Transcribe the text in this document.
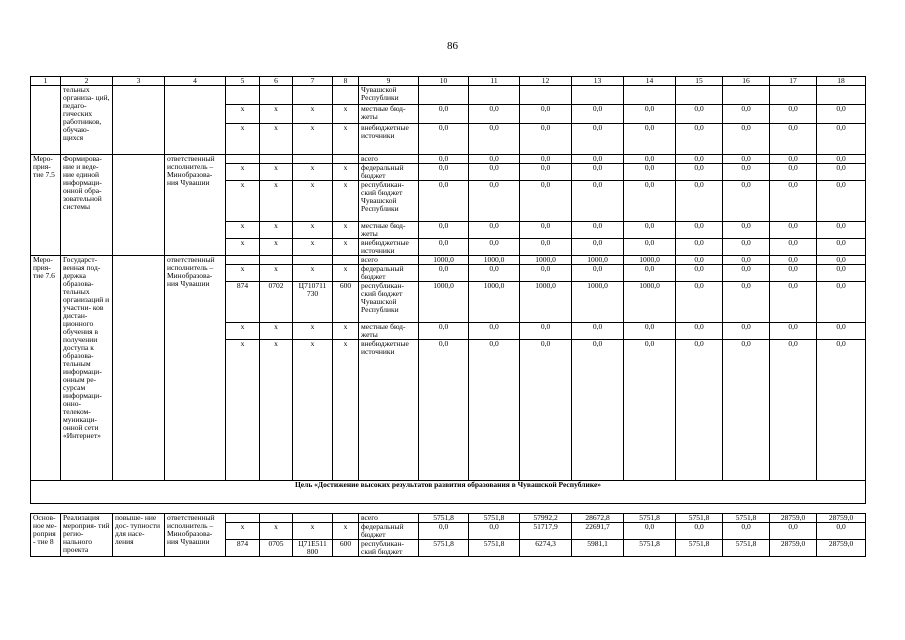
86
1	2	3	4	5	6	7	8	9	10	11	12	13	14	15	16	17	18
	тельных организа- ций, педаго- гических работников, обучаю- щихся							Чувашской Республики									
				х	х	х	х	местные бюд- жеты	0,0	0,0	0,0	0,0	0,0	0,0	0,0	0,0	0,0
				х	х	х	х	внебюджетные источники	0,0	0,0	0,0	0,0	0,0	0,0	0,0	0,0	0,0
Меро- прия- тие 7.5	Формирова- ние и веде- ние единой информаци- онной обра- зовательной системы		ответственный исполнитель – Минобразова- ния Чувашии					всего	0,0	0,0	0,0	0,0	0,0	0,0	0,0	0,0	0,0
				х	х	х	х	федеральный бюджет	0,0	0,0	0,0	0,0	0,0	0,0	0,0	0,0	0,0
				х	х	х	х	республикан- ский бюджет Чувашской Республики	0,0	0,0	0,0	0,0	0,0	0,0	0,0	0,0	0,0
				х	х	х	х	местные бюд- жеты	0,0	0,0	0,0	0,0	0,0	0,0	0,0	0,0	0,0
				х	х	х	х	внебюджетные источники	0,0	0,0	0,0	0,0	0,0	0,0	0,0	0,0	0,0
Меро- прия- тие 7.6	Государст- венная под- держка образова- тельных организаций и участни- ков дистан- ционного обучения в получении доступа к образова- тельным информаци- онным ре- сурсам информаци- онно- телеком- муникаци- онной сети «Интернет»		ответственный исполнитель – Минобразова- ния Чувашии					всего	1000,0	1000,0	1000,0	1000,0	1000,0	0,0	0,0	0,0	0,0
				х	х	х	х	федеральный бюджет	0,0	0,0	0,0	0,0	0,0	0,0	0,0	0,0	0,0
				874	0702	Ц710711 730	600	республикан- ский бюджет Чувашской Республики	1000,0	1000,0	1000,0	1000,0	1000,0	0,0	0,0	0,0	0,0
				х	х	х	х	местные бюд- жеты	0,0	0,0	0,0	0,0	0,0	0,0	0,0	0,0	0,0
				х	х	х	х	внебюджетные источники	0,0	0,0	0,0	0,0	0,0	0,0	0,0	0,0	0,0
Цель «Достижение высоких результатов развития образования в Чувашской Республике»																	

Основ- ное ме- роприя- тие 8	Реализация мероприя- тий регио- нального проекта	повыше- ние дос- тупности для насе- ления	ответственный исполнитель – Минобразова- ния Чувашии					всего	5751,8	5751,8	57992,2	28672,8	5751,8	5751,8	5751,8	28759,0	28759,0
				х	х	х	х	федеральный бюджет	0,0	0,0	51717,9	22691,7	0,0	0,0	0,0	0,0	0,0
				874	0705	Ц71Е511 800	600	республикан- ский бюджет	5751,8	5751,8	6274,3	5981,1	5751,8	5751,8	5751,8	28759,0	28759,0
